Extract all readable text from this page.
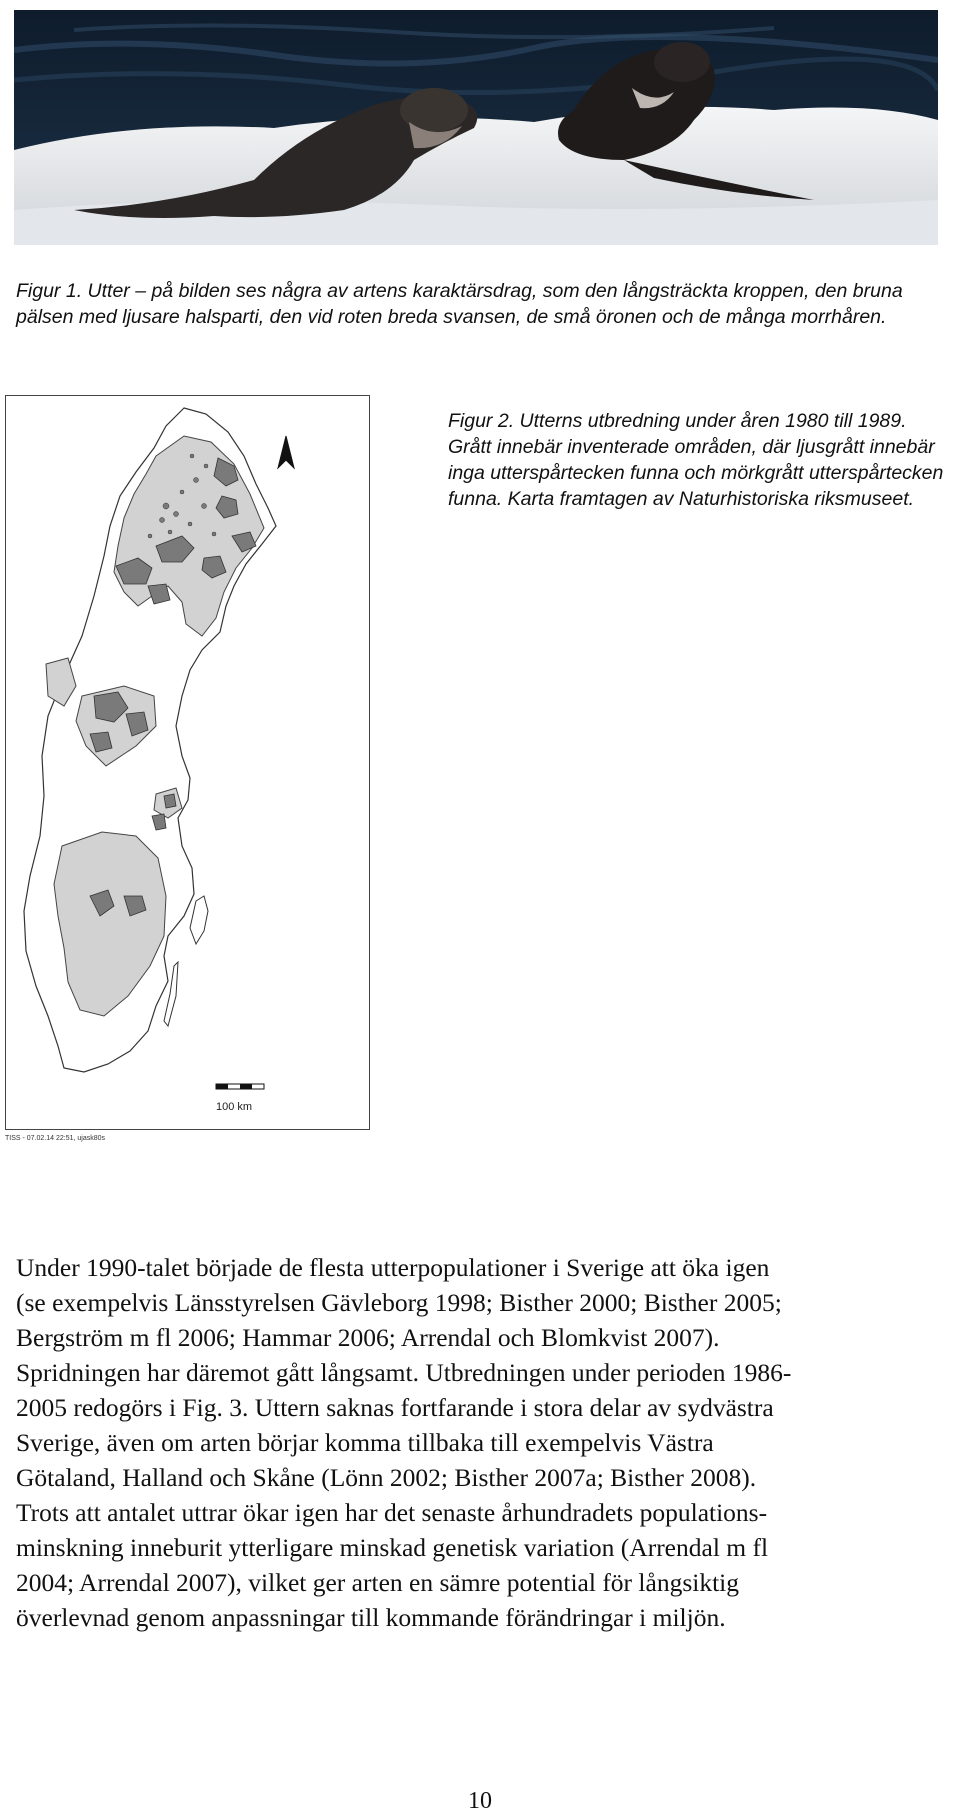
Figur 1. Utter – på bilden ses några av artens karaktärsdrag, som den långsträckta kroppen, den bruna pälsen med ljusare halsparti, den vid roten breda svansen, de små öronen och de många morrhåren.
100 km
TISS - 07.02.14 22:51, ujask80s
Figur 2. Utterns utbredning under åren 1980 till 1989. Grått innebär inventerade områden, där ljusgrått innebär inga utterspårtecken funna och mörkgrått utterspårtecken funna. Karta framtagen av Naturhistoriska riksmuseet.
Under 1990-talet började de flesta utterpopulationer i Sverige att öka igen
(se exempelvis Länsstyrelsen Gävleborg 1998; Bisther 2000; Bisther 2005;
Bergström m fl 2006; Hammar 2006; Arrendal och Blomkvist 2007).
Spridningen har däremot gått långsamt. Utbredningen under perioden 1986-
2005 redogörs i Fig. 3. Uttern saknas fortfarande i stora delar av sydvästra
Sverige, även om arten börjar komma tillbaka till exempelvis Västra
Götaland, Halland och Skåne (Lönn 2002; Bisther 2007a; Bisther 2008).
Trots att antalet uttrar ökar igen har det senaste århundradets populations-
minskning inneburit ytterligare minskad genetisk variation (Arrendal m fl
2004; Arrendal 2007), vilket ger arten en sämre potential för långsiktig
överlevnad genom anpassningar till kommande förändringar i miljön.
10
